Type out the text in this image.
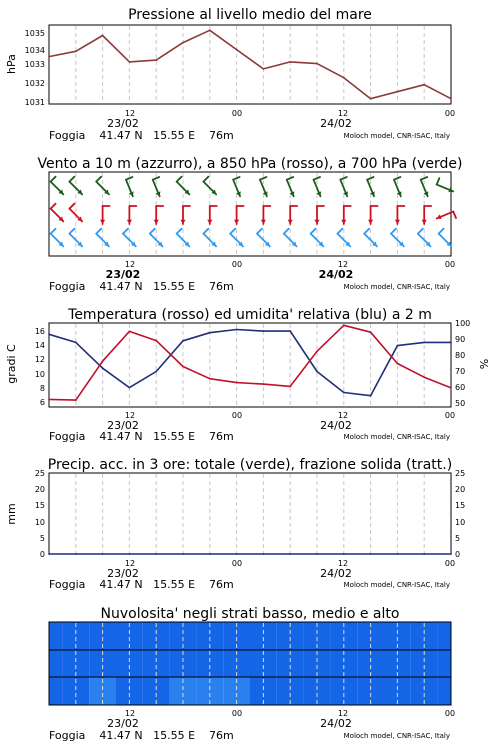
Pressione al livello medio del mare
hPa
1031
1032
1033
1034
1035
12	00	12	00
23/02	24/02
Foggia    41.47 N   15.55 E    76m	Moloch model, CNR-ISAC, Italy
Vento a 10 m (azzurro), a 850 hPa (rosso), a 700 hPa (verde)
12	00	12	00
23/02	24/02
Foggia    41.47 N   15.55 E    76m	Moloch model, CNR-ISAC, Italy
Temperatura (rosso) ed umidita' relativa (blu) a 2 m
gradi C	%
6
8
10
12
14
16
50
60
70
80
90
100
12	00	12	00
23/02	24/02
Foggia    41.47 N   15.55 E    76m	Moloch model, CNR-ISAC, Italy
Precip. acc. in 3 ore: totale (verde), frazione solida (tratt.)
mm
0
5
10
15
20
25
0
5
10
15
20
25
12	00	12	00
23/02	24/02
Foggia    41.47 N   15.55 E    76m	Moloch model, CNR-ISAC, Italy
Nuvolosita' negli strati basso, medio e alto
12	00	12	00
23/02	24/02
Foggia    41.47 N   15.55 E    76m	Moloch model, CNR-ISAC, Italy
